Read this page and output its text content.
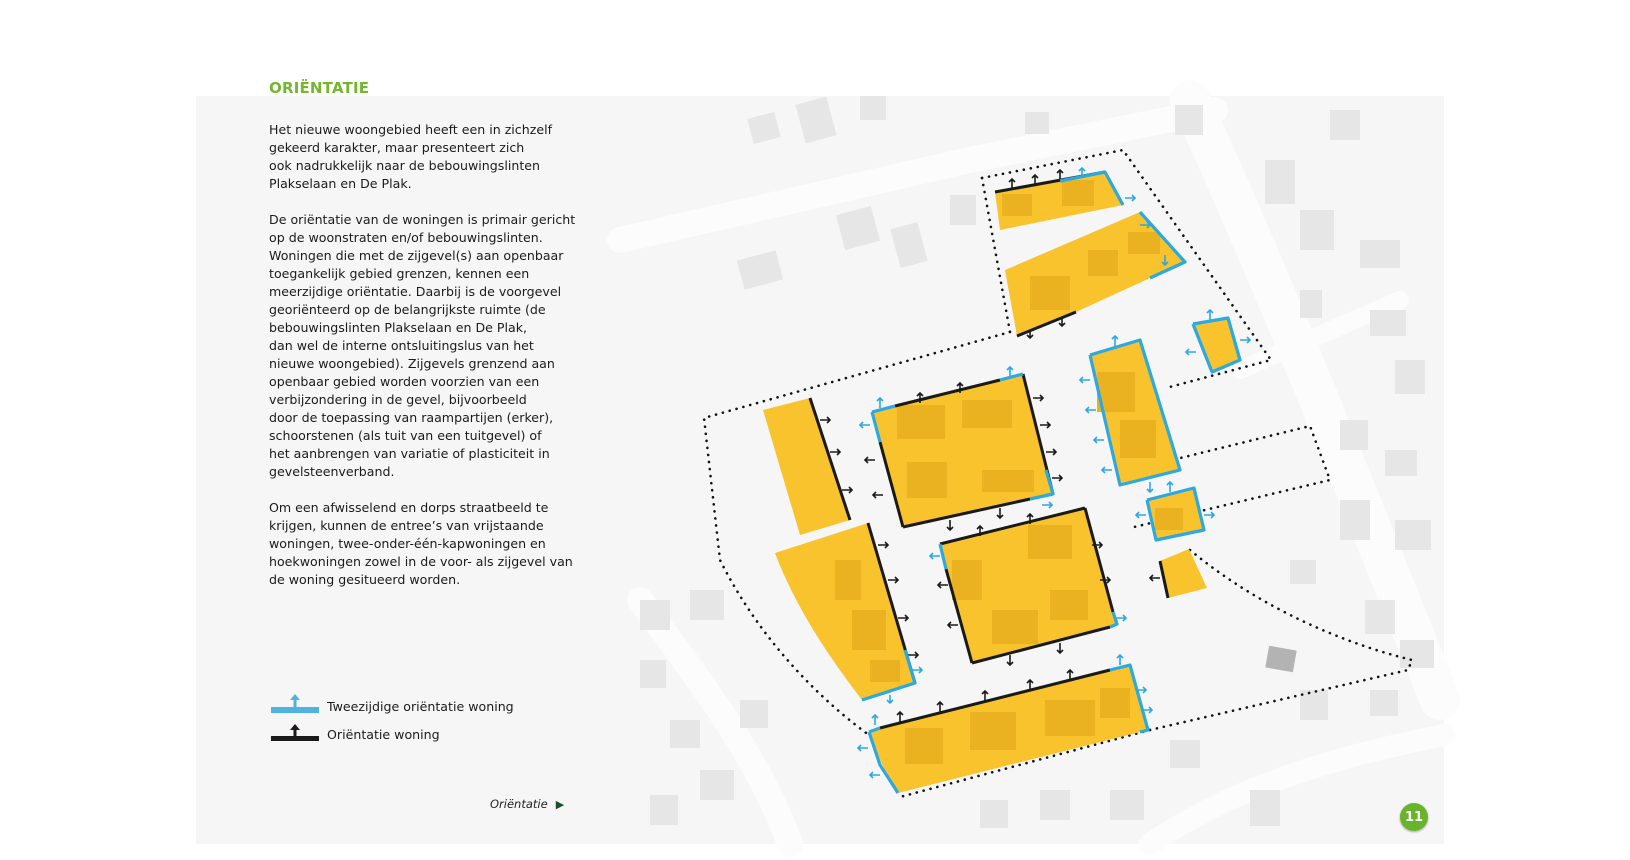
ORIËNTATIE

Het nieuwe woongebied heeft een in zichzelf
gekeerd karakter, maar presenteert zich
ook nadrukkelijk naar de bebouwingslinten
Plakselaan en De Plak.

De oriëntatie van de woningen is primair gericht
op de woonstraten en/of bebouwingslinten.
Woningen die met de zijgevel(s) aan openbaar
toegankelijk gebied grenzen, kennen een
meerzijdige oriëntatie. Daarbij is de voorgevel
georiënteerd op de belangrijkste ruimte (de
bebouwingslinten Plakselaan en De Plak,
dan wel de interne ontsluitingslus van het
nieuwe woongebied). Zijgevels grenzend aan
openbaar gebied worden voorzien van een
verbijzondering in de gevel, bijvoorbeeld
door de toepassing van raampartijen (erker),
schoorstenen (als tuit van een tuitgevel) of
het aanbrengen van variatie of plasticiteit in
gevelsteenverband.

Om een afwisselend en dorps straatbeeld te
krijgen, kunnen de entree’s van vrijstaande
woningen, twee-onder-één-kapwoningen en
hoekwoningen zowel in de voor- als zijgevel van
de woning gesitueerd worden.

Tweezijdige oriëntatie woning
Oriëntatie woning
Oriëntatie ▶
11
